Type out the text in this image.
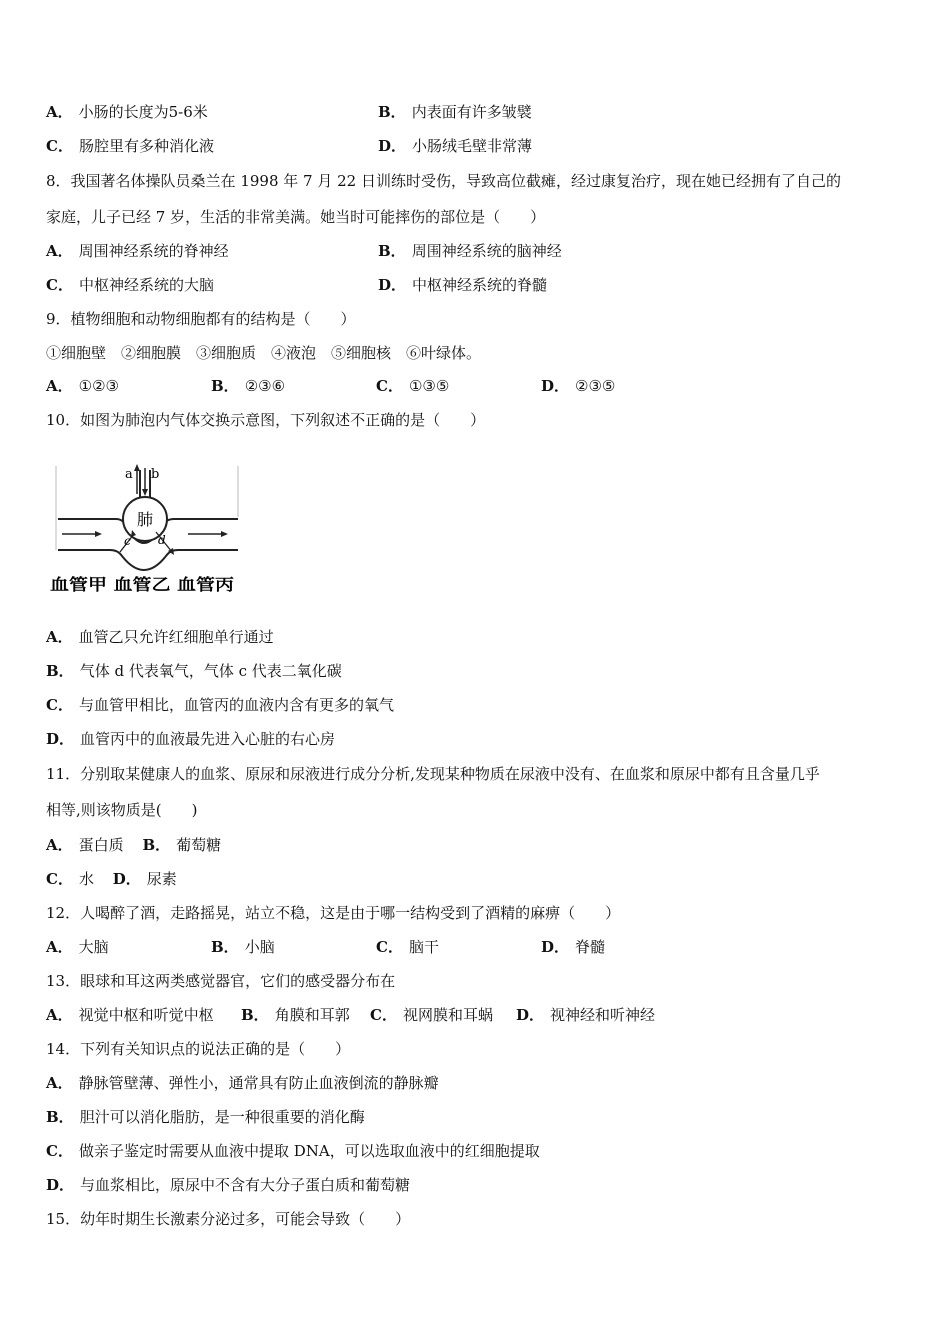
A． 小肠的长度为5-6米	B． 内表面有许多皱襞
C． 肠腔里有多种消化液	D． 小肠绒毛壁非常薄
8．我国著名体操队员桑兰在 1998 年 7 月 22 日训练时受伤，导致高位截瘫，经过康复治疗，现在她已经拥有了自己的
家庭，儿子已经 7 岁，生活的非常美满。她当时可能摔伤的部位是（　　）
A． 周围神经系统的脊神经	B． 周围神经系统的脑神经
C． 中枢神经系统的大脑	D． 中枢神经系统的脊髓
9．植物细胞和动物细胞都有的结构是（　　）
①细胞壁　②细胞膜　③细胞质　④液泡　⑤细胞核　⑥叶绿体。
A． ①②③	B． ②③⑥	C． ①③⑤	D． ②③⑤
10．如图为肺泡内气体交换示意图，下列叙述不正确的是（　　）
a b
肺
c d
血管甲 血管乙 血管丙
A． 血管乙只允许红细胞单行通过
B． 气体 d 代表氧气，气体 c 代表二氧化碳
C． 与血管甲相比，血管丙的血液内含有更多的氧气
D． 血管丙中的血液最先进入心脏的右心房
11．分别取某健康人的血浆、原尿和尿液进行成分分析,发现某种物质在尿液中没有、在血浆和原尿中都有且含量几乎
相等,则该物质是(　　)
A． 蛋白质 B． 葡萄糖
C． 水 D． 尿素
12．人喝醉了酒，走路摇晃，站立不稳，这是由于哪一结构受到了酒精的麻痹（　　）
A． 大脑	B． 小脑	C． 脑干	D． 脊髓
13．眼球和耳这两类感觉器官，它们的感受器分布在
A． 视觉中枢和听觉中枢 B． 角膜和耳郭 C． 视网膜和耳蜗 D． 视神经和听神经
14．下列有关知识点的说法正确的是（　　）
A． 静脉管壁薄、弹性小，通常具有防止血液倒流的静脉瓣
B． 胆汁可以消化脂肪，是一种很重要的消化酶
C． 做亲子鉴定时需要从血液中提取 DNA，可以选取血液中的红细胞提取
D． 与血浆相比，原尿中不含有大分子蛋白质和葡萄糖
15．幼年时期生长激素分泌过多，可能会导致（　　）
